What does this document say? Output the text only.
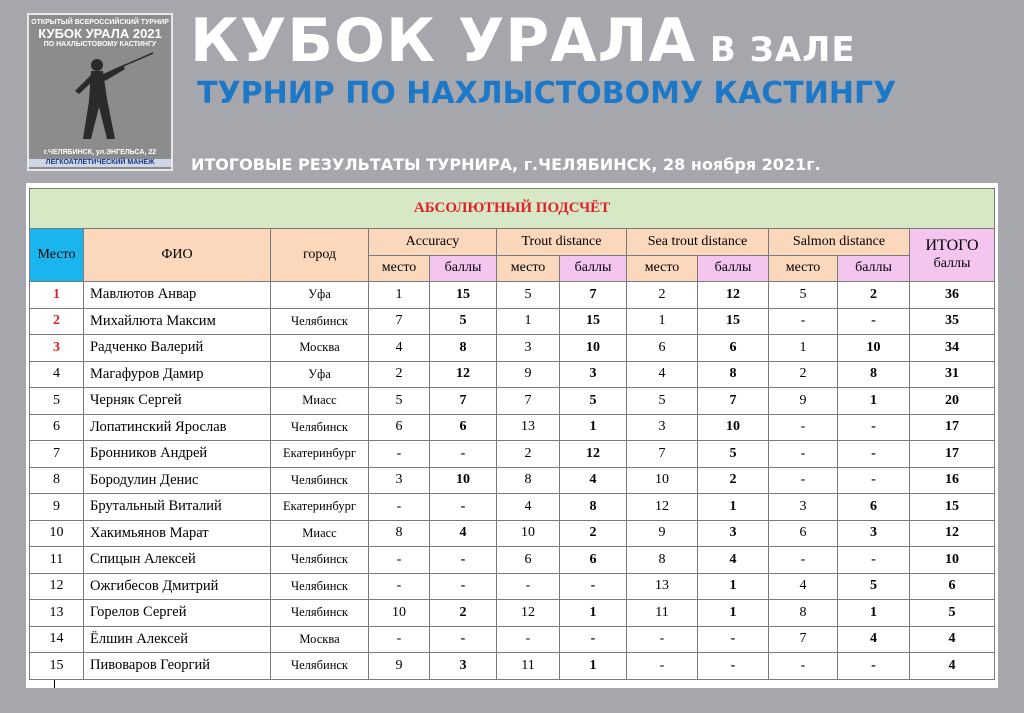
ОТКРЫТЫЙ ВСЕРОССИЙСКИЙ ТУРНИР
КУБОК УРАЛА 2021
ПО НАХЛЫСТОВОМУ КАСТИНГУ
г.ЧЕЛЯБИНСК, ул.ЭНГЕЛЬСА, 22
ЛЕГКОАТЛЕТИЧЕСКИЙ МАНЕЖ
КУБОК УРАЛА В ЗАЛЕ
ТУРНИР ПО НАХЛЫСТОВОМУ КАСТИНГУ
ИТОГОВЫЕ РЕЗУЛЬТАТЫ ТУРНИРА, г.ЧЕЛЯБИНСК, 28 ноября 2021г.
АБСОЛЮТНЫЙ ПОДСЧЁТ											
Место	ФИО	город	Accuracy		Trout distance		Sea trout distance		Salmon distance		ИТОГО
баллы

			место	баллы	место	баллы	место	баллы	место	баллы	
1	Мавлютов Анвар	Уфа	1	15	5	7	2	12	5	2	36
2	Михайлюта Максим	Челябинск	7	5	1	15	1	15	-	-	35
3	Радченко Валерий	Москва	4	8	3	10	6	6	1	10	34
4	Магафуров Дамир	Уфа	2	12	9	3	4	8	2	8	31
5	Черняк Сергей	Миасс	5	7	7	5	5	7	9	1	20
6	Лопатинский Ярослав	Челябинск	6	6	13	1	3	10	-	-	17
7	Бронников Андрей	Екатеринбург	-	-	2	12	7	5	-	-	17
8	Бородулин Денис	Челябинск	3	10	8	4	10	2	-	-	16
9	Брутальный Виталий	Екатеринбург	-	-	4	8	12	1	3	6	15
10	Хакимьянов Марат	Миасс	8	4	10	2	9	3	6	3	12
11	Спицын Алексей	Челябинск	-	-	6	6	8	4	-	-	10
12	Ожгибесов Дмитрий	Челябинск	-	-	-	-	13	1	4	5	6
13	Горелов Сергей	Челябинск	10	2	12	1	11	1	8	1	5
14	Ёлшин Алексей	Москва	-	-	-	-	-	-	7	4	4
15	Пивоваров Георгий	Челябинск	9	3	11	1	-	-	-	-	4
